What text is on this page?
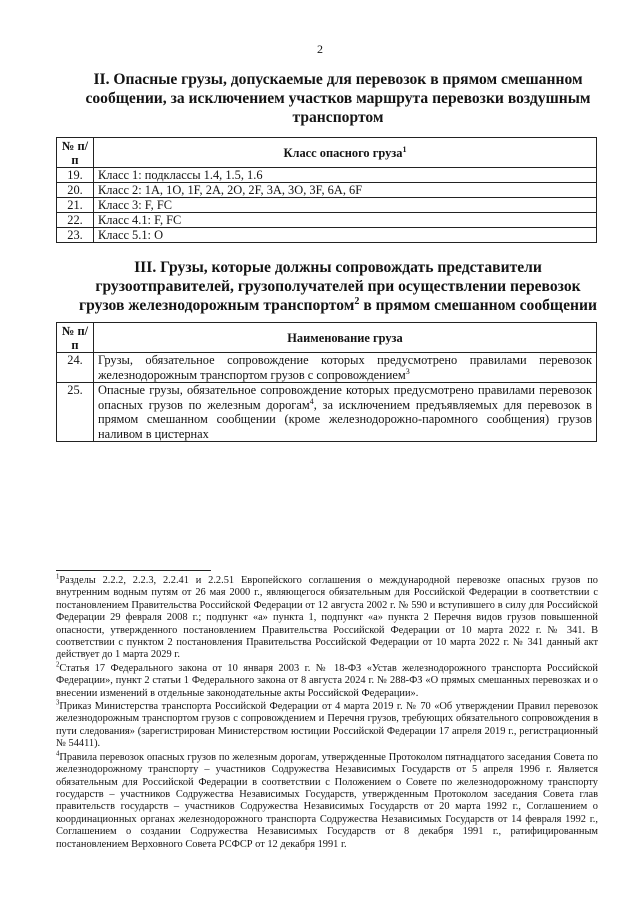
2
II. Опасные грузы, допускаемые для перевозок в прямом смешанном сообщении, за исключением участков маршрута перевозки воздушным транспортом
№ п/п	Класс опасного груза$^1$
19.	Класс 1: подклассы 1.4, 1.5, 1.6
20.	Класс 2: 1A, 1O, 1F, 2A, 2O, 2F, 3A, 3O, 3F, 6A, 6F
21.	Класс 3: F, FC
22.	Класс 4.1: F, FC
23.	Класс 5.1: O
III. Грузы, которые должны сопровождать представители грузоотправителей, грузополучателей при осуществлении перевозок грузов железнодорожным транспортом$^2$ в прямом смешанном сообщении
№ п/п	Наименование груза
24.	Грузы, обязательное сопровождение которых предусмотрено правилами перевозок железнодорожным транспортом грузов с сопровождением$^3$
25.	Опасные грузы, обязательное сопровождение которых предусмотрено правилами перевозок опасных грузов по железным дорогам$^4$, за исключением предъявляемых для перевозок в прямом смешанном сообщении (кроме железнодорожно-паромного сообщения) грузов наливом в цистернах

$^1$Разделы 2.2.2, 2.2.3, 2.2.41 и 2.2.51 Европейского соглашения о международной перевозке опасных грузов по внутренним водным путям от 26 мая 2000 г., являющегося обязательным для Российской Федерации в соответствии с постановлением Правительства Российской Федерации от 12 августа 2002 г. № 590 и вступившего в силу для Российской Федерации 29 февраля 2008 г.; подпункт «а» пункта 1, подпункт «а» пункта 2 Перечня видов грузов повышенной опасности, утвержденного постановлением Правительства Российской Федерации от 10 марта 2022 г. № 341. В соответствии с пунктом 2 постановления Правительства Российской Федерации от 10 марта 2022 г. № 341 данный акт действует до 1 марта 2029 г.

$^2$Статья 17 Федерального закона от 10 января 2003 г. № 18-ФЗ «Устав железнодорожного транспорта Российской Федерации», пункт 2 статьи 1 Федерального закона от 8 августа 2024 г. № 288-ФЗ «О прямых смешанных перевозках и о внесении изменений в отдельные законодательные акты Российской Федерации».

$^3$Приказ Министерства транспорта Российской Федерации от 4 марта 2019 г. № 70 «Об утверждении Правил перевозок железнодорожным транспортом грузов с сопровождением и Перечня грузов, требующих обязательного сопровождения в пути следования» (зарегистрирован Министерством юстиции Российской Федерации 17 апреля 2019 г., регистрационный № 54411).

$^4$Правила перевозок опасных грузов по железным дорогам, утвержденные Протоколом пятнадцатого заседания Совета по железнодорожному транспорту – участников Содружества Независимых Государств от 5 апреля 1996 г. Является обязательным для Российской Федерации в соответствии с Положением о Совете по железнодорожному транспорту государств – участников Содружества Независимых Государств, утвержденным Протоколом заседания Совета глав правительств государств – участников Содружества Независимых Государств от 20 марта 1992 г., Соглашением о координационных органах железнодорожного транспорта Содружества Независимых Государств от 14 февраля 1992 г., Соглашением о создании Содружества Независимых Государств от 8 декабря 1991 г., ратифицированным постановлением Верховного Совета РСФСР от 12 декабря 1991 г.
